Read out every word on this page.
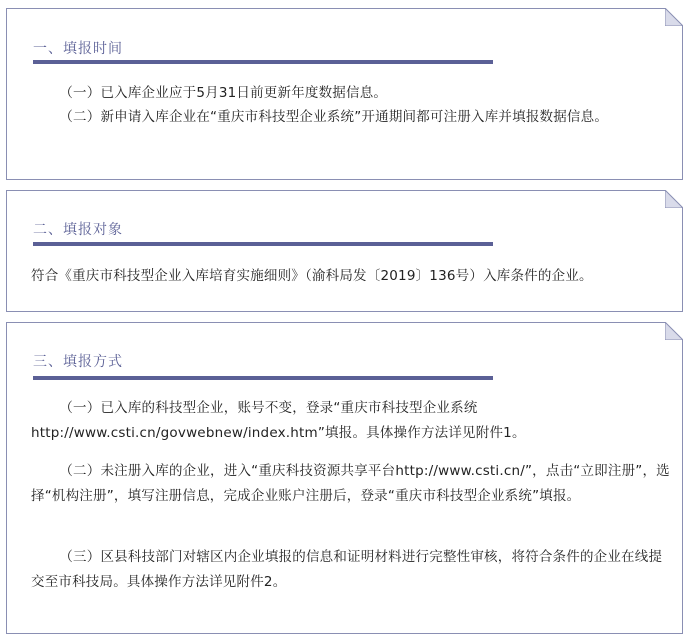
一、填报时间

（一）已入库企业应于5月31日前更新年度数据信息。

（二）新申请入库企业在“重庆市科技型企业系统”开通期间都可注册入库并填报数据信息。

二、填报对象

符合《重庆市科技型企业入库培育实施细则》（渝科局发〔2019〕136号）入库条件的企业。

三、填报方式

（一）已入库的科技型企业，账号不变，登录“重庆市科技型企业系统http://www.csti.cn/govwebnew/index.htm”填报。具体操作方法详见附件1。

（二）未注册入库的企业，进入“重庆科技资源共享平台http://www.csti.cn/”，点击“立即注册”，选择“机构注册”，填写注册信息，完成企业账户注册后，登录“重庆市科技型企业系统”填报。

（三）区县科技部门对辖区内企业填报的信息和证明材料进行完整性审核，将符合条件的企业在线提交至市科技局。具体操作方法详见附件2。
